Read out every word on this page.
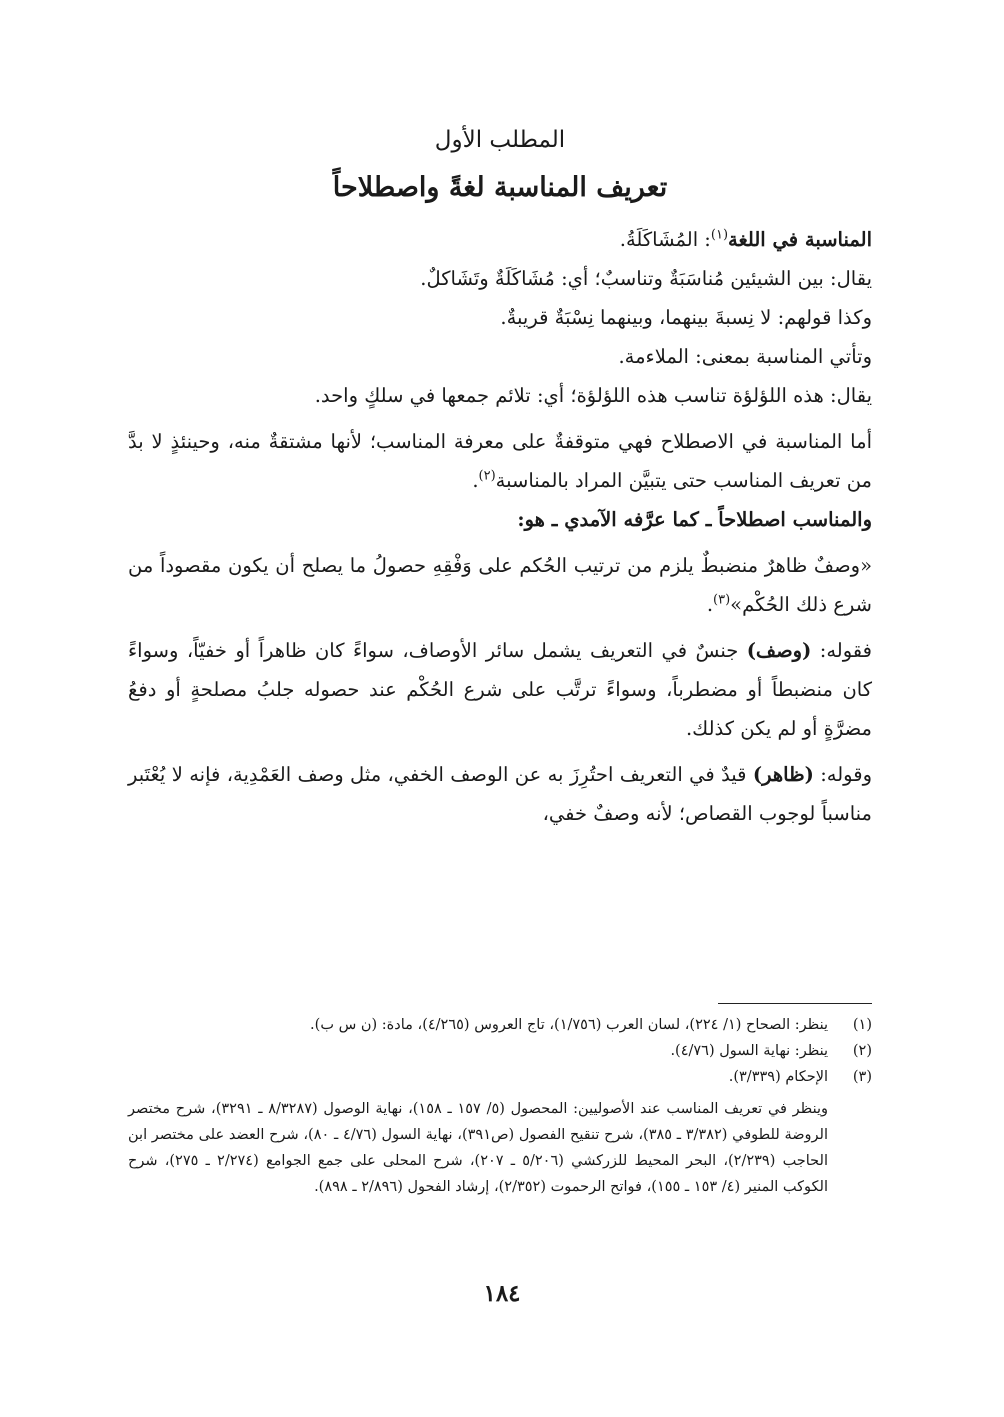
المطلب الأول
تعريف المناسبة لغةً واصطلاحاً

المناسبة في اللغة$^{(١)}$: المُشَاكَلَةُ.

يقال: بين الشيئين مُناسَبَةٌ وتناسبٌ؛ أي: مُشَاكَلَةٌ وتَشَاكلٌ.

وكذا قولهم: لا نِسبةَ بينهما، وبينهما نِسْبَةٌ قريبةٌ.

وتأتي المناسبة بمعنى: الملاءمة.

يقال: هذه اللؤلؤة تناسب هذه اللؤلؤة؛ أي: تلائم جمعها في سلكٍ واحد.

أما المناسبة في الاصطلاح فهي متوقفةٌ على معرفة المناسب؛ لأنها مشتقةٌ منه، وحينئذٍ لا بدَّ من تعريف المناسب حتى يتبيَّن المراد بالمناسبة$^{(٢)}$.

والمناسب اصطلاحاً ـ كما عرَّفه الآمدي ـ هو:

«وصفٌ ظاهرٌ منضبطٌ يلزم من ترتيب الحُكم على وَفْقِهِ حصولُ ما يصلح أن يكون مقصوداً من شرع ذلك الحُكْم»$^{(٣)}$.

فقوله: (وصف) جنسٌ في التعريف يشمل سائر الأوصاف، سواءً كان ظاهراً أو خفيّاً، وسواءً كان منضبطاً أو مضطرباً، وسواءً ترتَّب على شرع الحُكْم عند حصوله جلبُ مصلحةٍ أو دفعُ مضرَّةٍ أو لم يكن كذلك.

وقوله: (ظاهر) قيدٌ في التعريف احتُرِزَ به عن الوصف الخفي، مثل وصف العَمْدِية، فإنه لا يُعْتَبر مناسباً لوجوب القصاص؛ لأنه وصفٌ خفي،

(١)
ينظر: الصحاح (١/ ٢٢٤)، لسان العرب (١/٧٥٦)، تاج العروس (٤/٢٦٥)، مادة: (ن س ب).
(٢)
ينظر: نهاية السول (٤/٧٦).
(٣)
الإحكام (٣/٣٣٩).
وينظر في تعريف المناسب عند الأصوليين: المحصول (٥/ ١٥٧ ـ ١٥٨)، نهاية الوصول (٨/٣٢٨٧ ـ ٣٢٩١)، شرح مختصر الروضة للطوفي (٣/٣٨٢ ـ ٣٨٥)، شرح تنقيح الفصول (ص٣٩١)، نهاية السول (٤/٧٦ ـ ٨٠)، شرح العضد على مختصر ابن الحاجب (٢/٢٣٩)، البحر المحيط للزركشي (٥/٢٠٦ ـ ٢٠٧)، شرح المحلى على جمع الجوامع (٢/٢٧٤ ـ ٢٧٥)، شرح الكوكب المنير (٤/ ١٥٣ ـ ١٥٥)، فواتح الرحموت (٢/٣٥٢)، إرشاد الفحول (٢/٨٩٦ ـ ٨٩٨).
١٨٤
